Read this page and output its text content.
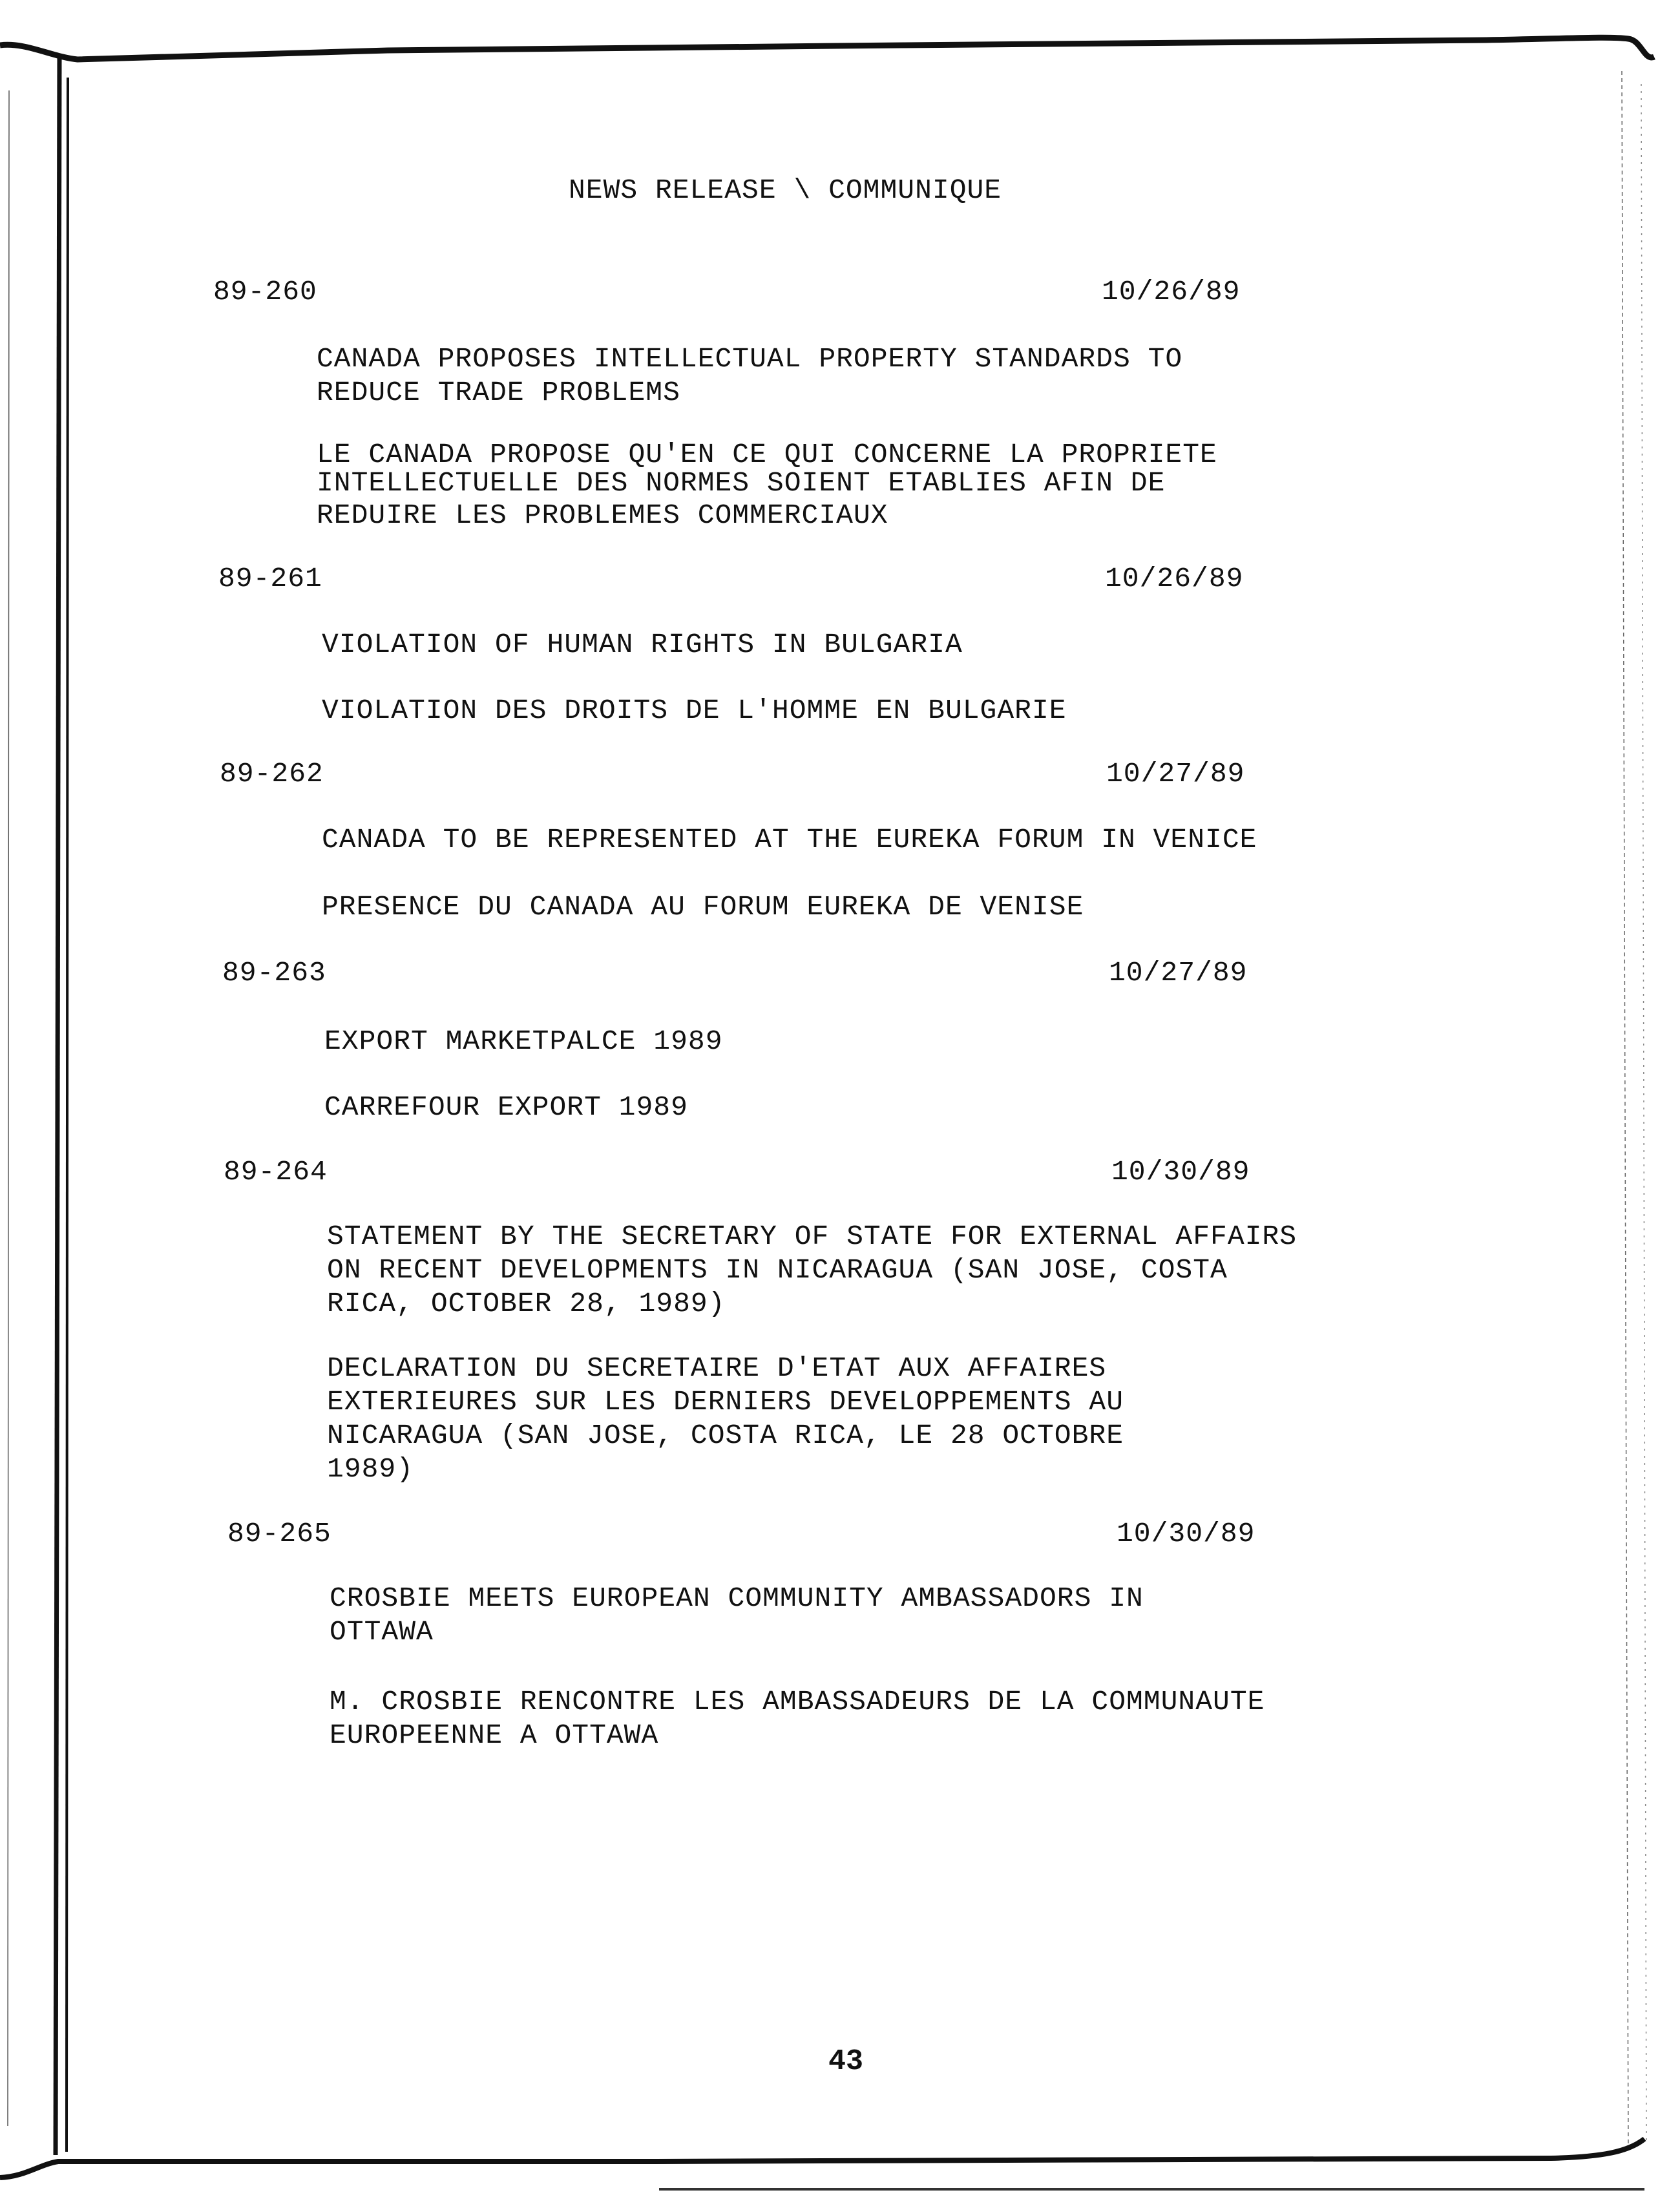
NEWS RELEASE \ COMMUNIQUE
89-260	10/26/89
CANADA PROPOSES INTELLECTUAL PROPERTY STANDARDS TO
REDUCE TRADE PROBLEMS
LE CANADA PROPOSE QU'EN CE QUI CONCERNE LA PROPRIETE
INTELLECTUELLE DES NORMES SOIENT ETABLIES AFIN DE
REDUIRE LES PROBLEMES COMMERCIAUX
89-261	10/26/89
VIOLATION OF HUMAN RIGHTS IN BULGARIA
VIOLATION DES DROITS DE L'HOMME EN BULGARIE
89-262	10/27/89
CANADA TO BE REPRESENTED AT THE EUREKA FORUM IN VENICE
PRESENCE DU CANADA AU FORUM EUREKA DE VENISE
89-263	10/27/89
EXPORT MARKETPALCE 1989
CARREFOUR EXPORT 1989
89-264	10/30/89
STATEMENT BY THE SECRETARY OF STATE FOR EXTERNAL AFFAIRS
ON RECENT DEVELOPMENTS IN NICARAGUA (SAN JOSE, COSTA
RICA, OCTOBER 28, 1989)
DECLARATION DU SECRETAIRE D'ETAT AUX AFFAIRES
EXTERIEURES SUR LES DERNIERS DEVELOPPEMENTS AU
NICARAGUA (SAN JOSE, COSTA RICA, LE 28 OCTOBRE
1989)
89-265	10/30/89
CROSBIE MEETS EUROPEAN COMMUNITY AMBASSADORS IN
OTTAWA
M. CROSBIE RENCONTRE LES AMBASSADEURS DE LA COMMUNAUTE
EUROPEENNE A OTTAWA
43
